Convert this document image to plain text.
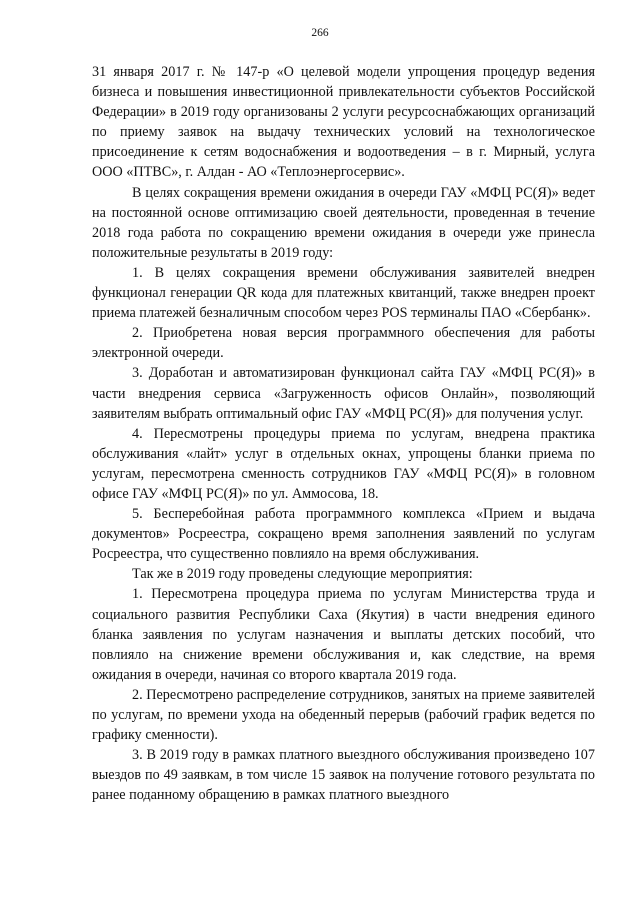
266

31 января 2017 г. № 147-р «О целевой модели упрощения процедур ведения бизнеса и повышения инвестиционной привлекательности субъектов Российской Федерации» в 2019 году организованы 2 услуги ресурсоснабжающих организаций по приему заявок на выдачу технических условий на технологическое присоединение к сетям водоснабжения и водоотведения – в г. Мирный, услуга ООО «ПТВС», г. Алдан - АО «Теплоэнергосервис».

В целях сокращения времени ожидания в очереди ГАУ «МФЦ РС(Я)» ведет на постоянной основе оптимизацию своей деятельности, проведенная в течение 2018 года работа по сокращению времени ожидания в очереди уже принесла положительные результаты в 2019 году:

1. В целях сокращения времени обслуживания заявителей внедрен функционал генерации QR кода для платежных квитанций, также внедрен проект приема платежей безналичным способом через POS терминалы ПАО «Сбербанк».

2. Приобретена новая версия программного обеспечения для работы электронной очереди.

3. Доработан и автоматизирован функционал сайта ГАУ «МФЦ РС(Я)» в части внедрения сервиса «Загруженность офисов Онлайн», позволяющий заявителям выбрать оптимальный офис ГАУ «МФЦ РС(Я)» для получения услуг.

4. Пересмотрены процедуры приема по услугам, внедрена практика обслуживания «лайт» услуг в отдельных окнах, упрощены бланки приема по услугам, пересмотрена сменность сотрудников ГАУ «МФЦ РС(Я)» в головном офисе ГАУ «МФЦ РС(Я)» по ул. Аммосова, 18.

5. Бесперебойная работа программного комплекса «Прием и выдача документов» Росреестра, сокращено время заполнения заявлений по услугам Росреестра, что существенно повлияло на время обслуживания.

Так же в 2019 году проведены следующие мероприятия:

1. Пересмотрена процедура приема по услугам Министерства труда и социального развития Республики Саха (Якутия) в части внедрения единого бланка заявления по услугам назначения и выплаты детских пособий, что повлияло на снижение времени обслуживания и, как следствие, на время ожидания в очереди, начиная со второго квартала 2019 года.

2. Пересмотрено распределение сотрудников, занятых на приеме заявителей по услугам, по времени ухода на обеденный перерыв (рабочий график ведется по графику сменности).

3. В 2019 году в рамках платного выездного обслуживания произведено 107 выездов по 49 заявкам, в том числе 15 заявок на получение готового результата по ранее поданному обращению в рамках платного выездного
